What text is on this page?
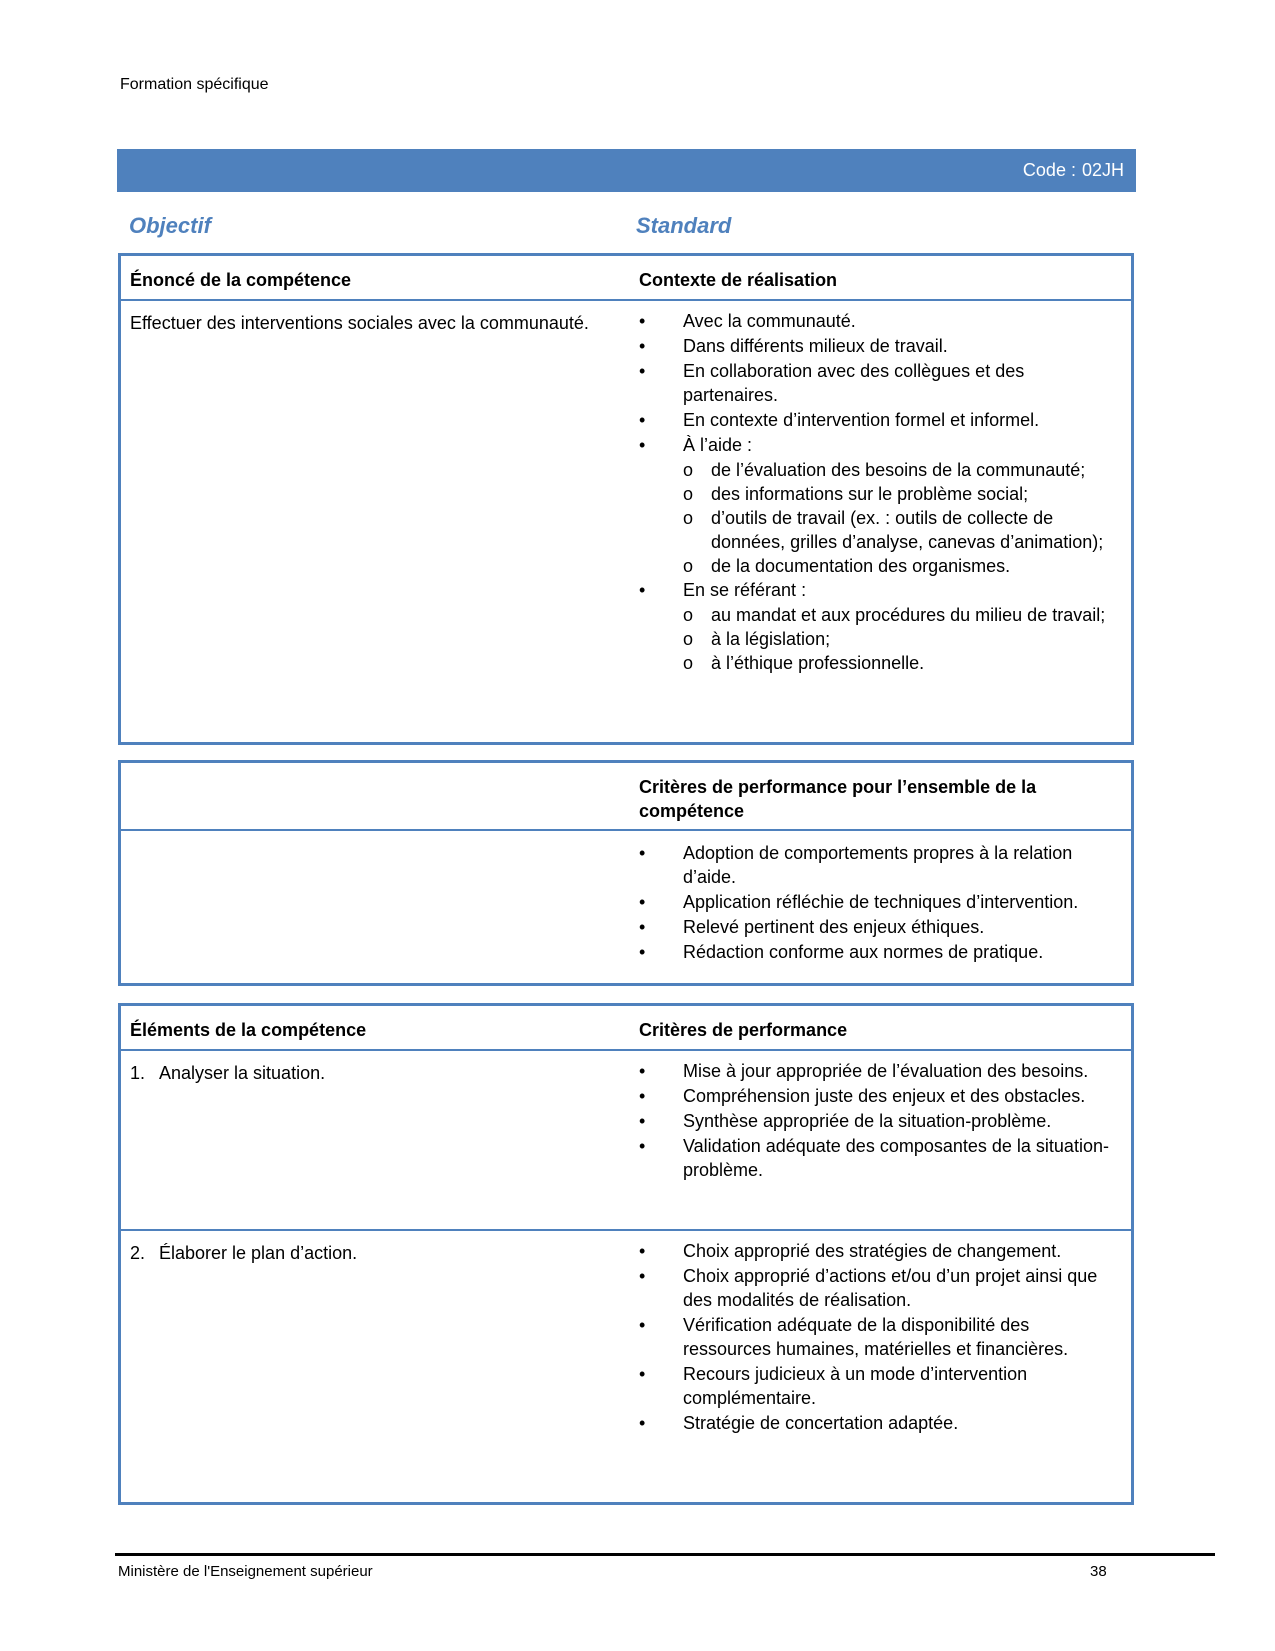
Formation spécifique
Code : 02JH
Objectif	Standard
Énoncé de la compétence	Contexte de réalisation
Effectuer des interventions sociales avec la communauté.	• Avec la communauté.
• Dans différents milieux de travail.
• En collaboration avec des collègues et des partenaires.
• En contexte d’intervention formel et informel.
• À l’aide :
o de l’évaluation des besoins de la communauté;
o des informations sur le problème social;
o d’outils de travail (ex. : outils de collecte de données, grilles d’analyse, canevas d’animation);
o de la documentation des organismes.
• En se référant :
o au mandat et aux procédures du milieu de travail;
o à la législation;
o à l’éthique professionnelle.
Critères de performance pour l’ensemble de la compétence
• Adoption de comportements propres à la relation d’aide.
• Application réfléchie de techniques d’intervention.
• Relevé pertinent des enjeux éthiques.
• Rédaction conforme aux normes de pratique.
Éléments de la compétence	Critères de performance
1. Analyser la situation.	• Mise à jour appropriée de l’évaluation des besoins.
• Compréhension juste des enjeux et des obstacles.
• Synthèse appropriée de la situation-problème.
• Validation adéquate des composantes de la situation-problème.
2. Élaborer le plan d’action.	• Choix approprié des stratégies de changement.
• Choix approprié d’actions et/ou d’un projet ainsi que des modalités de réalisation.
• Vérification adéquate de la disponibilité des ressources humaines, matérielles et financières.
• Recours judicieux à un mode d’intervention complémentaire.
• Stratégie de concertation adaptée.
Ministère de l'Enseignement supérieur	38
